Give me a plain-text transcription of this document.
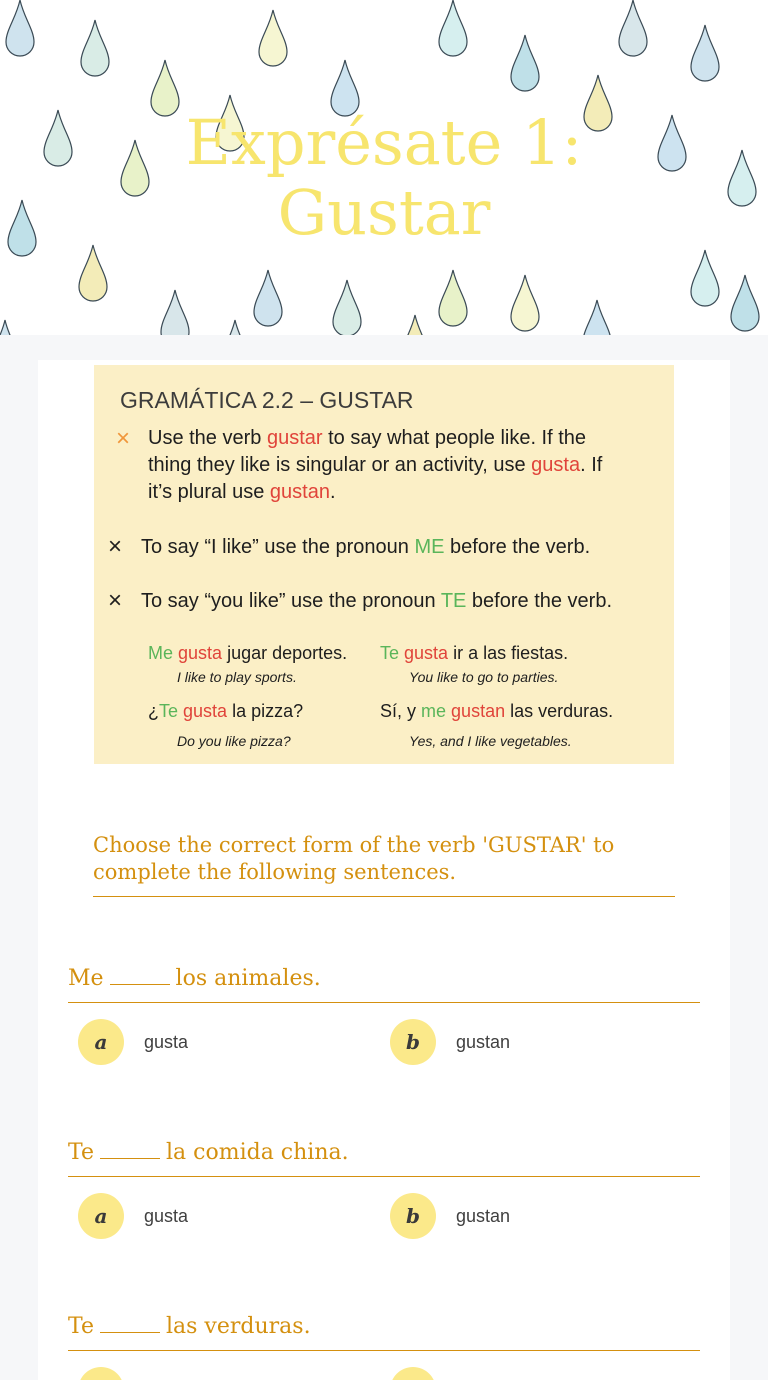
Exprésate 1:
Gustar
GRAMÁTICA 2.2 – GUSTAR
× Use the verb gustar to say what people like. If the
thing they like is singular or an activity, use gusta. If
it’s plural use gustan.
× To say “I like” use the pronoun ME before the verb.
× To say “you like” use the pronoun TE before the verb.
Me gusta jugar deportes.
I like to play sports.
Te gusta ir a las fiestas.
You like to go to parties.
¿Te gusta la pizza?
Do you like pizza?
Sí, y me gustan las verduras.
Yes, and I like vegetables.
Choose the correct form of the verb 'GUSTAR' to complete the following sentences.
Me	los animales.
a	gusta	b	gustan
Te	la comida china.
a	gusta	b	gustan
Te	las verduras.
